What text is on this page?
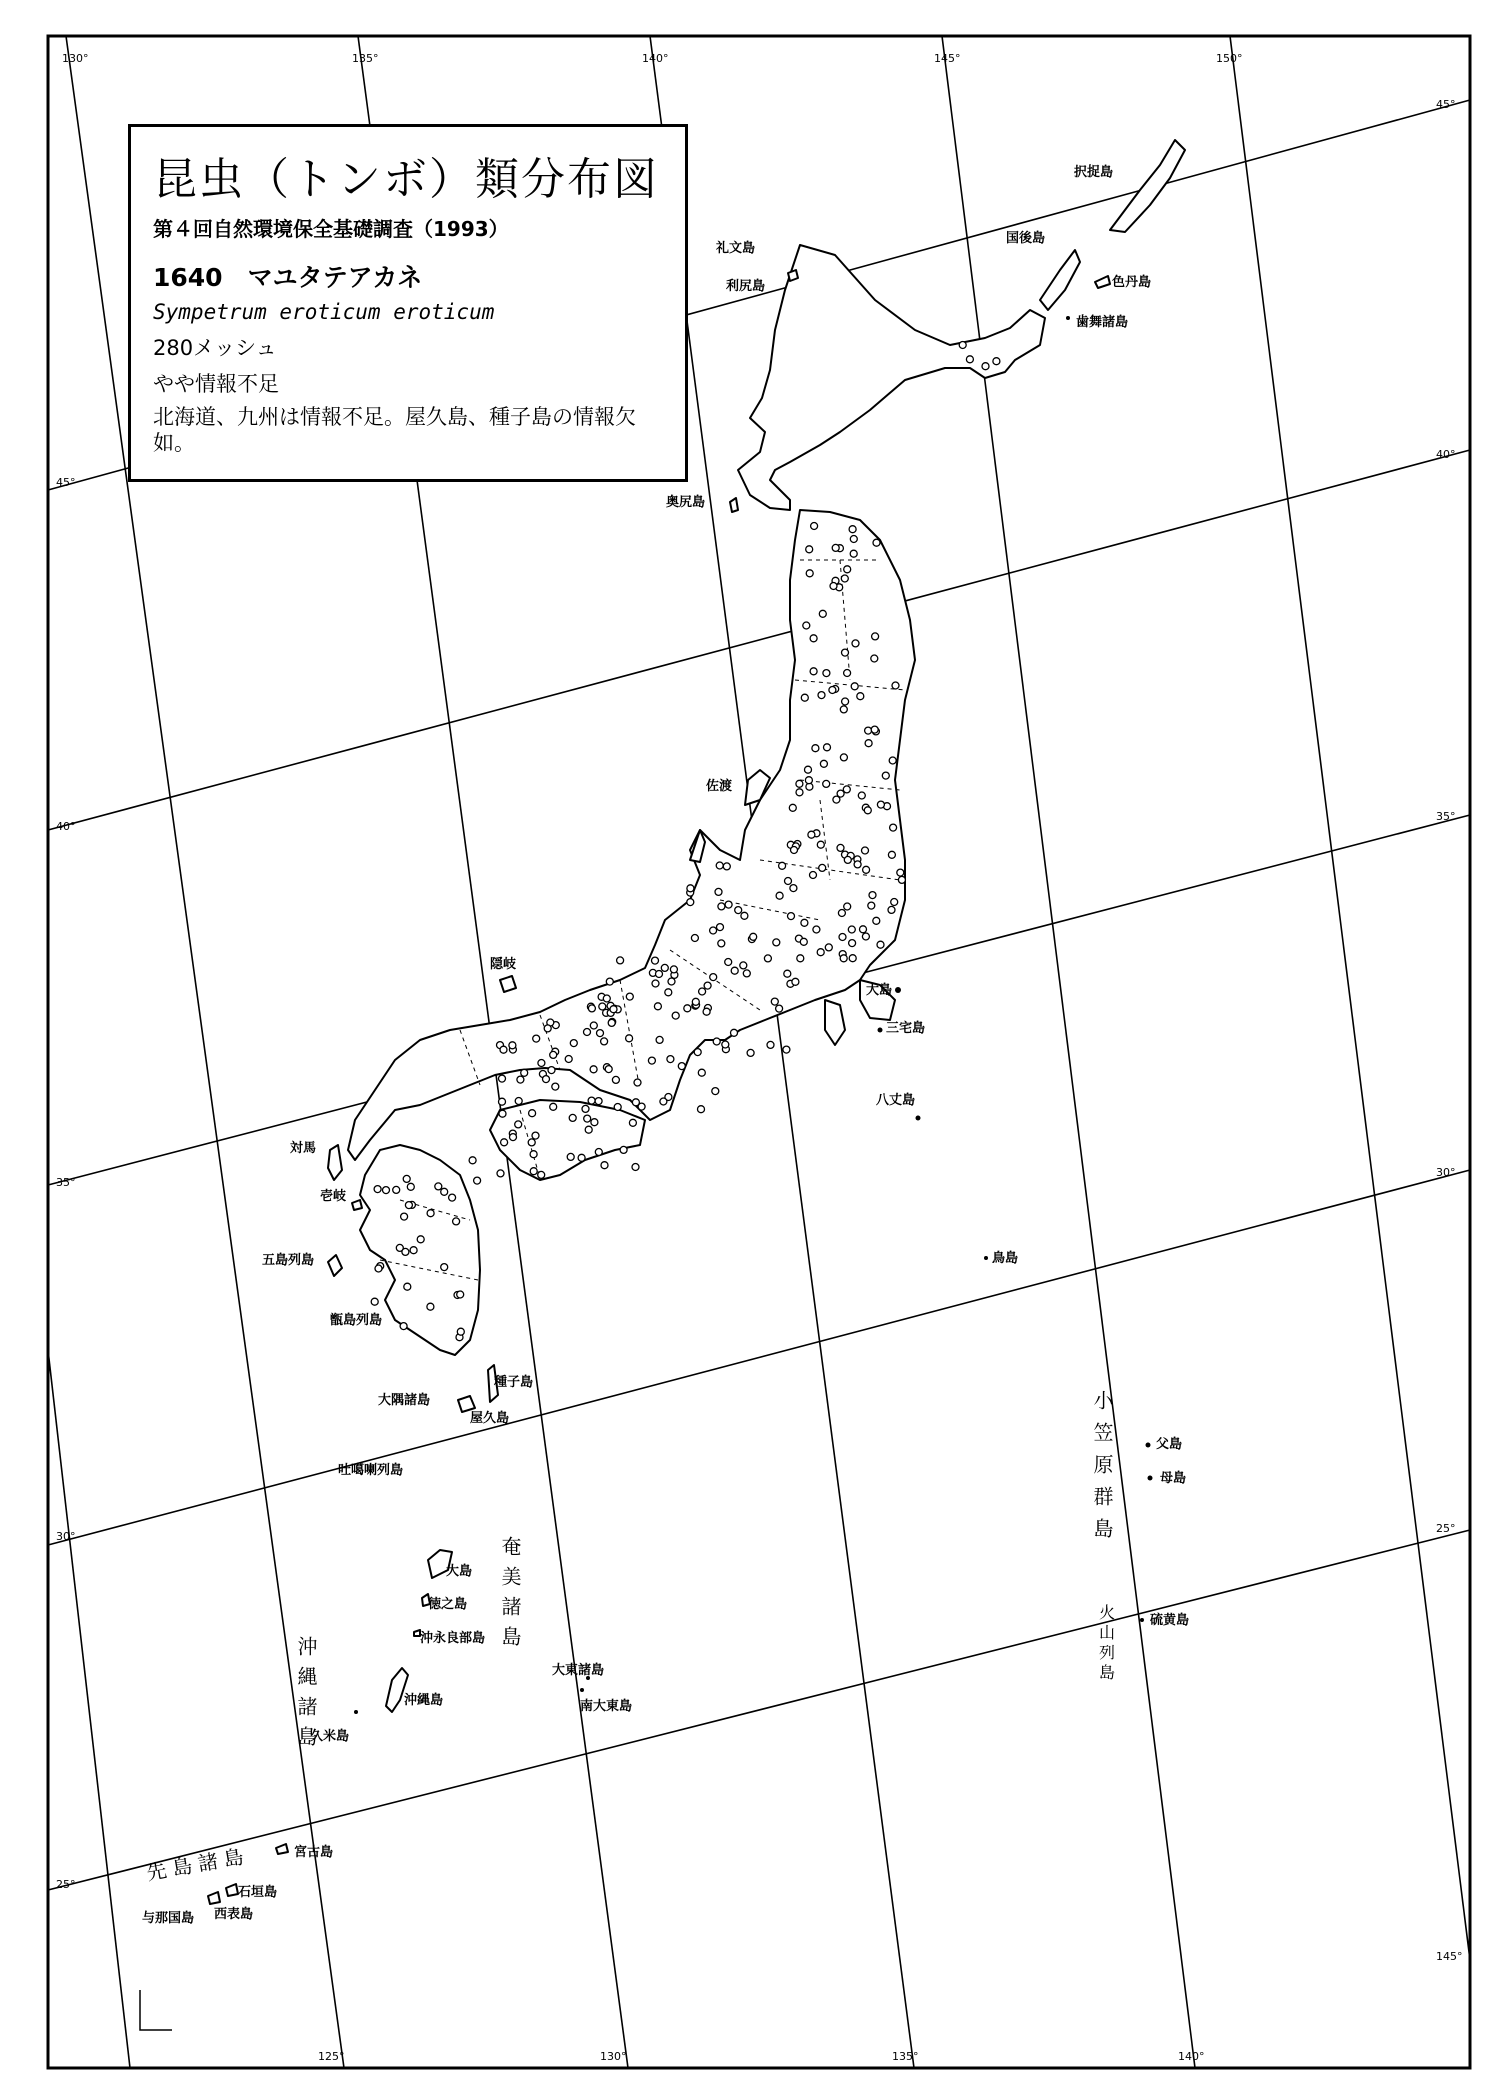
130°	135°	140°	145°	150°
125°	130°	135°	140°
45°
40°
35°
30°
25°
45°
40°
35°
30°
25°
145°
択捉島
国後島
色丹島
歯舞諸島
礼文島
利尻島
奥尻島
佐渡
隠岐
大島
三宅島
八丈島
対馬
壱岐
五島列島
甑島列島
種子島
大隅諸島
屋久島
吐噶喇列島
鳥島
大島
徳之島
沖永良部島
沖縄島
久米島
大東諸島
南大東島
宮古島
石垣島
与那国島 西表島
父島
母島
硫黄島
奄美諸島
沖縄諸島
小笠原群島
火山列島
先島諸島
昆虫（トンボ）類分布図
第４回自然環境保全基礎調査（1993）
1640　マユタテアカネ
Sympetrum eroticum eroticum
280メッシュ
やや情報不足
北海道、九州は情報不足。屋久島、種子島の情報欠如。
